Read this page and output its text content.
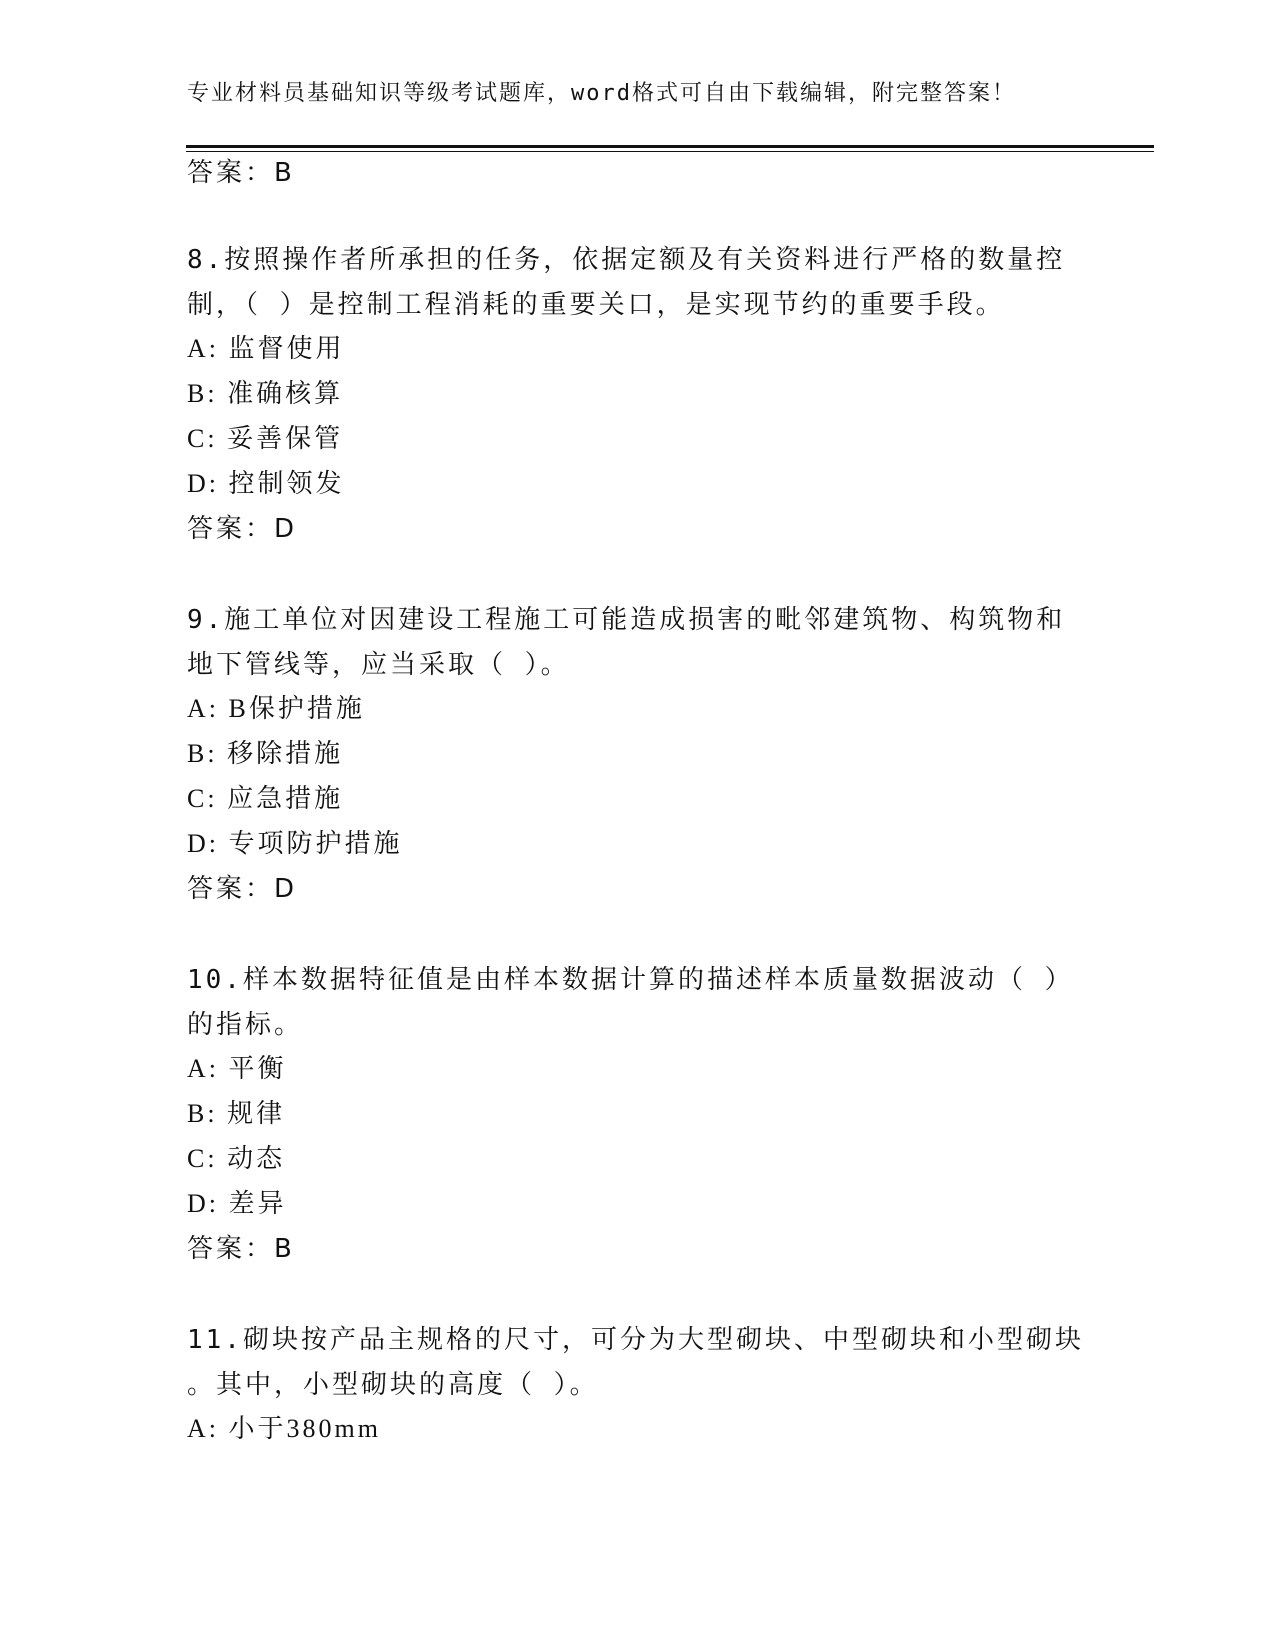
专业材料员基础知识等级考试题库，word格式可自由下载编辑，附完整答案！
答案：B
8.按照操作者所承担的任务，依据定额及有关资料进行严格的数量控
制，（ ）是控制工程消耗的重要关口，是实现节约的重要手段。
A: 监督使用
B: 准确核算
C: 妥善保管
D: 控制领发
答案：D
9.施工单位对因建设工程施工可能造成损害的毗邻建筑物、构筑物和
地下管线等，应当采取（ ）。
A: B保护措施
B: 移除措施
C: 应急措施
D: 专项防护措施
答案：D
10.样本数据特征值是由样本数据计算的描述样本质量数据波动（ ）
的指标。
A: 平衡
B: 规律
C: 动态
D: 差异
答案：B
11.砌块按产品主规格的尺寸，可分为大型砌块、中型砌块和小型砌块
。其中，小型砌块的高度（ ）。
A: 小于380mm
